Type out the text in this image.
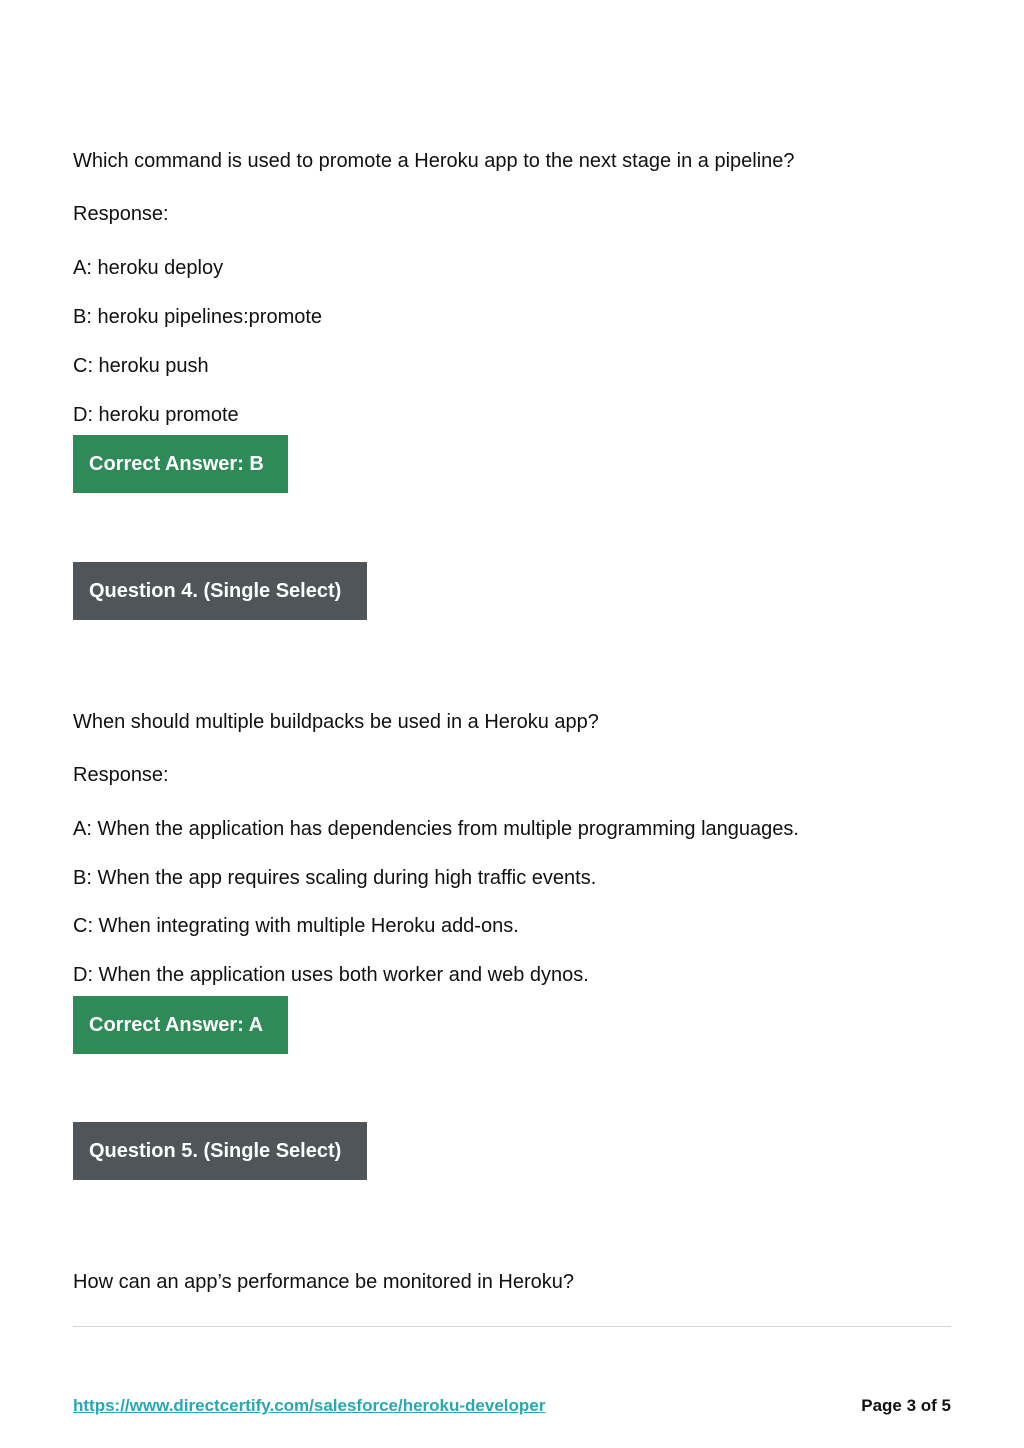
Which command is used to promote a Heroku app to the next stage in a pipeline?
Response:
A: heroku deploy
B: heroku pipelines:promote
C: heroku push
D: heroku promote
Correct Answer: B
Question 4. (Single Select)
When should multiple buildpacks be used in a Heroku app?
Response:
A: When the application has dependencies from multiple programming languages.
B: When the app requires scaling during high traffic events.
C: When integrating with multiple Heroku add-ons.
D: When the application uses both worker and web dynos.
Correct Answer: A
Question 5. (Single Select)
How can an app’s performance be monitored in Heroku?
https://www.directcertify.com/salesforce/heroku-developer	Page 3 of 5
